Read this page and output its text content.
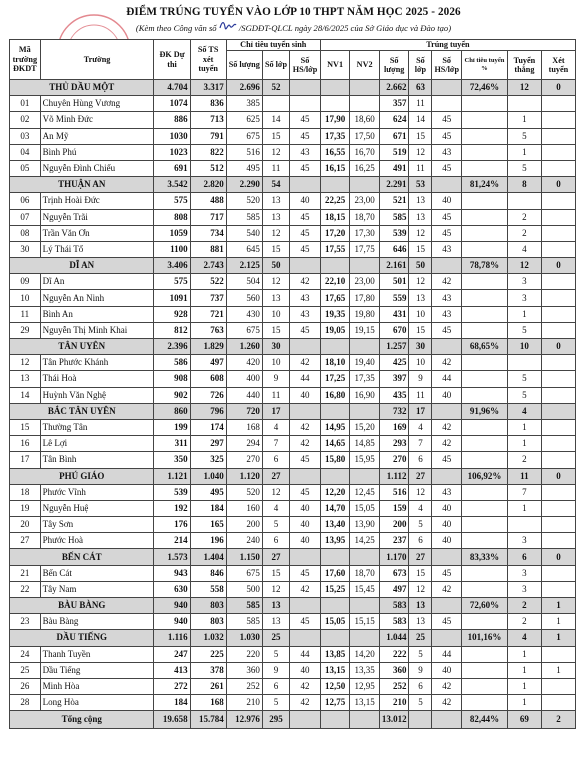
ĐIỂM TRÚNG TUYỂN VÀO LỚP 10 THPT NĂM HỌC 2025 - 2026
(Kèm theo Công văn số	/SGDĐT-QLCL ngày 28/6/2025 của Sở Giáo dục và Đào tạo)
Mã trường ĐKDT	Trường	ĐK Dự thi	Số TS xét tuyển	Chỉ tiêu tuyển sinh			Trúng tuyển							
				Số lượng	Số lớp	Số HS/lớp	NV1	NV2	Số lượng	Số lớp	Số HS/lớp	Chỉ tiêu tuyển %	Tuyển thẳng	Xét tuyển
THỦ DẦU MỘT		4.704	3.317	2.696	52				2.662	63		72,46%	12	0
01	Chuyên Hùng Vương	1074	836	385					357	11				
02	Võ Minh Đức	886	713	625	14	45	17,90	18,60	624	14	45		1	
03	An Mỹ	1030	791	675	15	45	17,35	17,50	671	15	45		5	
04	Bình Phú	1023	822	516	12	43	16,55	16,70	519	12	43		1	
05	Nguyễn Đình Chiểu	691	512	495	11	45	16,15	16,25	491	11	45		5	
THUẬN AN		3.542	2.820	2.290	54				2.291	53		81,24%	8	0
06	Trịnh Hoài Đức	575	488	520	13	40	22,25	23,00	521	13	40			
07	Nguyễn Trãi	808	717	585	13	45	18,15	18,70	585	13	45		2	
08	Trần Văn Ơn	1059	734	540	12	45	17,20	17,30	539	12	45		2	
30	Lý Thái Tổ	1100	881	645	15	45	17,55	17,75	646	15	43		4	
DĨ AN		3.406	2.743	2.125	50				2.161	50		78,78%	12	0
09	Dĩ An	575	522	504	12	42	22,10	23,00	501	12	42		3	
10	Nguyễn An Ninh	1091	737	560	13	43	17,65	17,80	559	13	43		3	
11	Bình An	928	721	430	10	43	19,35	19,80	431	10	43		1	
29	Nguyễn Thị Minh Khai	812	763	675	15	45	19,05	19,15	670	15	45		5	
TÂN UYÊN		2.396	1.829	1.260	30				1.257	30		68,65%	10	0
12	Tân Phước Khánh	586	497	420	10	42	18,10	19,40	425	10	42			
13	Thái Hoà	908	608	400	9	44	17,25	17,35	397	9	44		5	
14	Huỳnh Văn Nghệ	902	726	440	11	40	16,80	16,90	435	11	40		5	
BẮC TÂN UYÊN		860	796	720	17				732	17		91,96%	4	
15	Thường Tân	199	174	168	4	42	14,95	15,20	169	4	42		1	
16	Lê Lợi	311	297	294	7	42	14,65	14,85	293	7	42		1	
17	Tân Bình	350	325	270	6	45	15,80	15,95	270	6	45		2	
PHÚ GIÁO		1.121	1.040	1.120	27				1.112	27		106,92%	11	0
18	Phước Vĩnh	539	495	520	12	45	12,20	12,45	516	12	43		7	
19	Nguyễn Huệ	192	184	160	4	40	14,70	15,05	159	4	40		1	
20	Tây Sơn	176	165	200	5	40	13,40	13,90	200	5	40			
27	Phước Hoà	214	196	240	6	40	13,95	14,25	237	6	40		3	
BẾN CÁT		1.573	1.404	1.150	27				1.170	27		83,33%	6	0
21	Bến Cát	943	846	675	15	45	17,60	18,70	673	15	45		3	
22	Tây Nam	630	558	500	12	42	15,25	15,45	497	12	42		3	
BÀU BÀNG		940	803	585	13				583	13		72,60%	2	1
23	Bàu Bàng	940	803	585	13	45	15,05	15,15	583	13	45		2	1
DẦU TIẾNG		1.116	1.032	1.030	25				1.044	25		101,16%	4	1
24	Thanh Tuyền	247	225	220	5	44	13,85	14,20	222	5	44		1	
25	Dầu Tiếng	413	378	360	9	40	13,15	13,35	360	9	40		1	1
26	Minh Hòa	272	261	252	6	42	12,50	12,95	252	6	42		1	
28	Long Hòa	184	168	210	5	42	12,75	13,15	210	5	42		1	
Tổng cộng		19.658	15.784	12.976	295				13.012			82,44%	69	2
